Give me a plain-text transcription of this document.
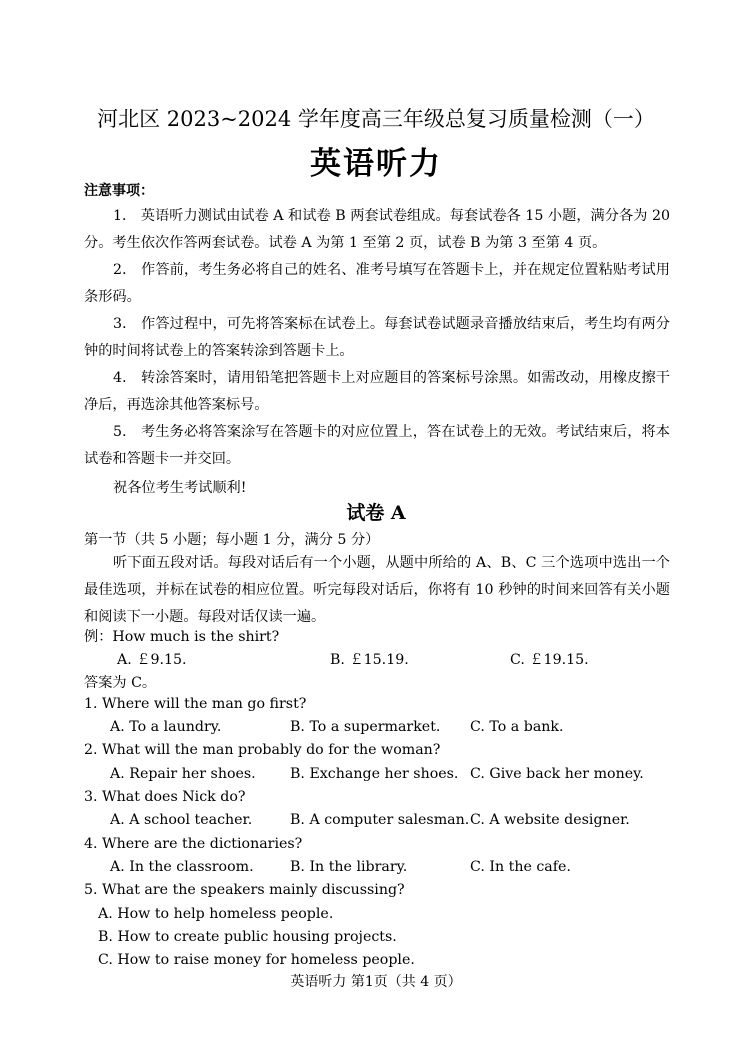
河北区 2023~2024 学年度高三年级总复习质量检测（一）
英语听力
注意事项：
1． 英语听力测试由试卷 A 和试卷 B 两套试卷组成。每套试卷各 15 小题，满分各为 20 分。考生依次作答两套试卷。试卷 A 为第 1 至第 2 页，试卷 B 为第 3 至第 4 页。
2． 作答前，考生务必将自己的姓名、准考号填写在答题卡上，并在规定位置粘贴考试用条形码。
3． 作答过程中，可先将答案标在试卷上。每套试卷试题录音播放结束后，考生均有两分钟的时间将试卷上的答案转涂到答题卡上。
4． 转涂答案时，请用铅笔把答题卡上对应题目的答案标号涂黑。如需改动，用橡皮擦干净后，再选涂其他答案标号。
5． 考生务必将答案涂写在答题卡的对应位置上，答在试卷上的无效。考试结束后，将本试卷和答题卡一并交回。
祝各位考生考试顺利!
试卷 A
第一节（共 5 小题；每小题 1 分，满分 5 分）
听下面五段对话。每段对话后有一个小题，从题中所给的 A、B、C 三个选项中选出一个最佳选项，并标在试卷的相应位置。听完每段对话后，你将有 10 秒钟的时间来回答有关小题和阅读下一小题。每段对话仅读一遍。
例：How much is the shirt?
A. ￡9.15.	B. ￡15.19.	C. ￡19.15.
答案为 C。
1. Where will the man go first?
A. To a laundry.	B. To a supermarket. C. To a bank.
2. What will the man probably do for the woman?
A. Repair her shoes. B. Exchange her shoes. C. Give back her money.
3. What does Nick do?
A. A school teacher.	B. A computer salesman. C. A website designer.
4. Where are the dictionaries?
A. In the classroom.	B. In the library.	C. In the cafe.
5. What are the speakers mainly discussing?
A. How to help homeless people.
B. How to create public housing projects.
C. How to raise money for homeless people.
英语听力 第1页（共 4 页）
